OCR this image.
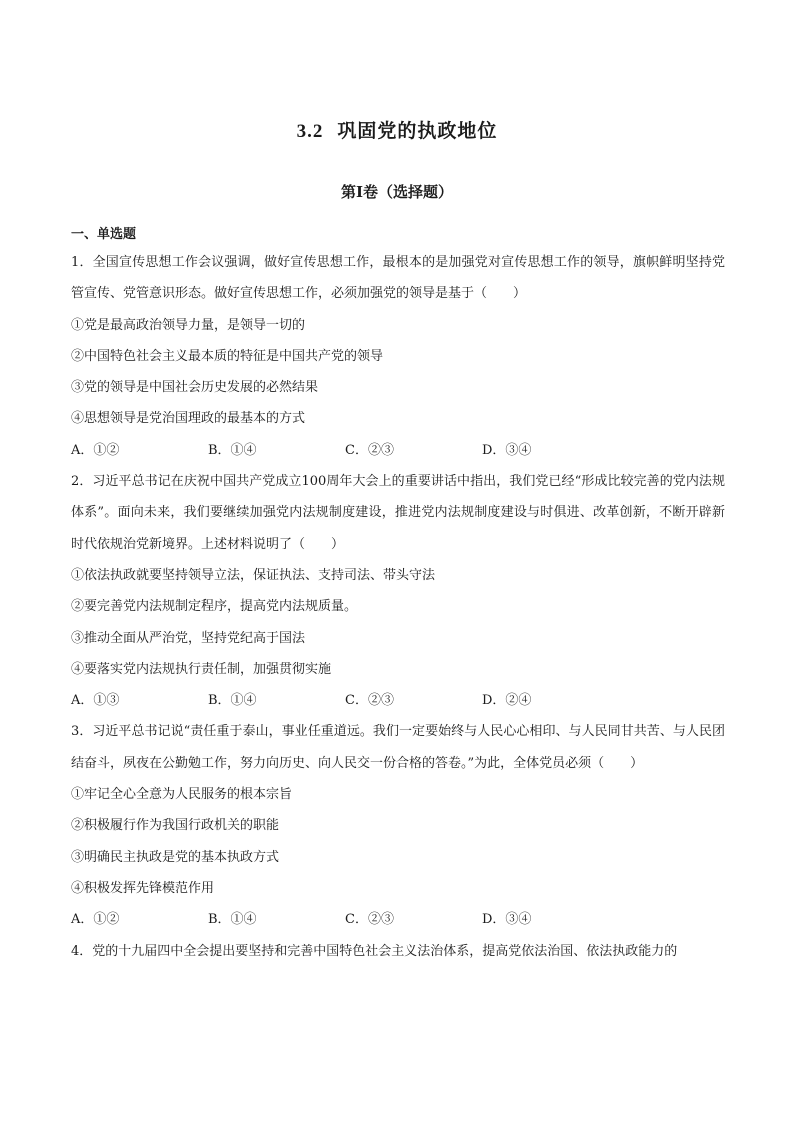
3.2 巩固党的执政地位
第I卷（选择题）
一、单选题

1．全国宣传思想工作会议强调，做好宣传思想工作，最根本的是加强党对宣传思想工作的领导，旗帜鲜明坚持党管宣传、党管意识形态。做好宣传思想工作，必须加强党的领导是基于（　　）

①党是最高政治领导力量，是领导一切的

②中国特色社会主义最本质的特征是中国共产党的领导

③党的领导是中国社会历史发展的必然结果

④思想领导是党治国理政的最基本的方式

A．①②	B．①④	C．②③	D．③④

2．习近平总书记在庆祝中国共产党成立100周年大会上的重要讲话中指出，我们党已经“形成比较完善的党内法规体系”。面向未来，我们要继续加强党内法规制度建设，推进党内法规制度建设与时俱进、改革创新，不断开辟新时代依规治党新境界。上述材料说明了（　　）

①依法执政就要坚持领导立法，保证执法、支持司法、带头守法

②要完善党内法规制定程序，提高党内法规质量。

③推动全面从严治党，坚持党纪高于国法

④要落实党内法规执行责任制，加强贯彻实施

A．①③	B．①④	C．②③	D．②④

3．习近平总书记说“责任重于泰山，事业任重道远。我们一定要始终与人民心心相印、与人民同甘共苦、与人民团结奋斗，夙夜在公勤勉工作，努力向历史、向人民交一份合格的答卷。”为此，全体党员必须（　　）

①牢记全心全意为人民服务的根本宗旨

②积极履行作为我国行政机关的职能

③明确民主执政是党的基本执政方式

④积极发挥先锋模范作用

A．①②	B．①④	C．②③	D．③④

4．党的十九届四中全会提出要坚持和完善中国特色社会主义法治体系，提高党依法治国、依法执政能力的
